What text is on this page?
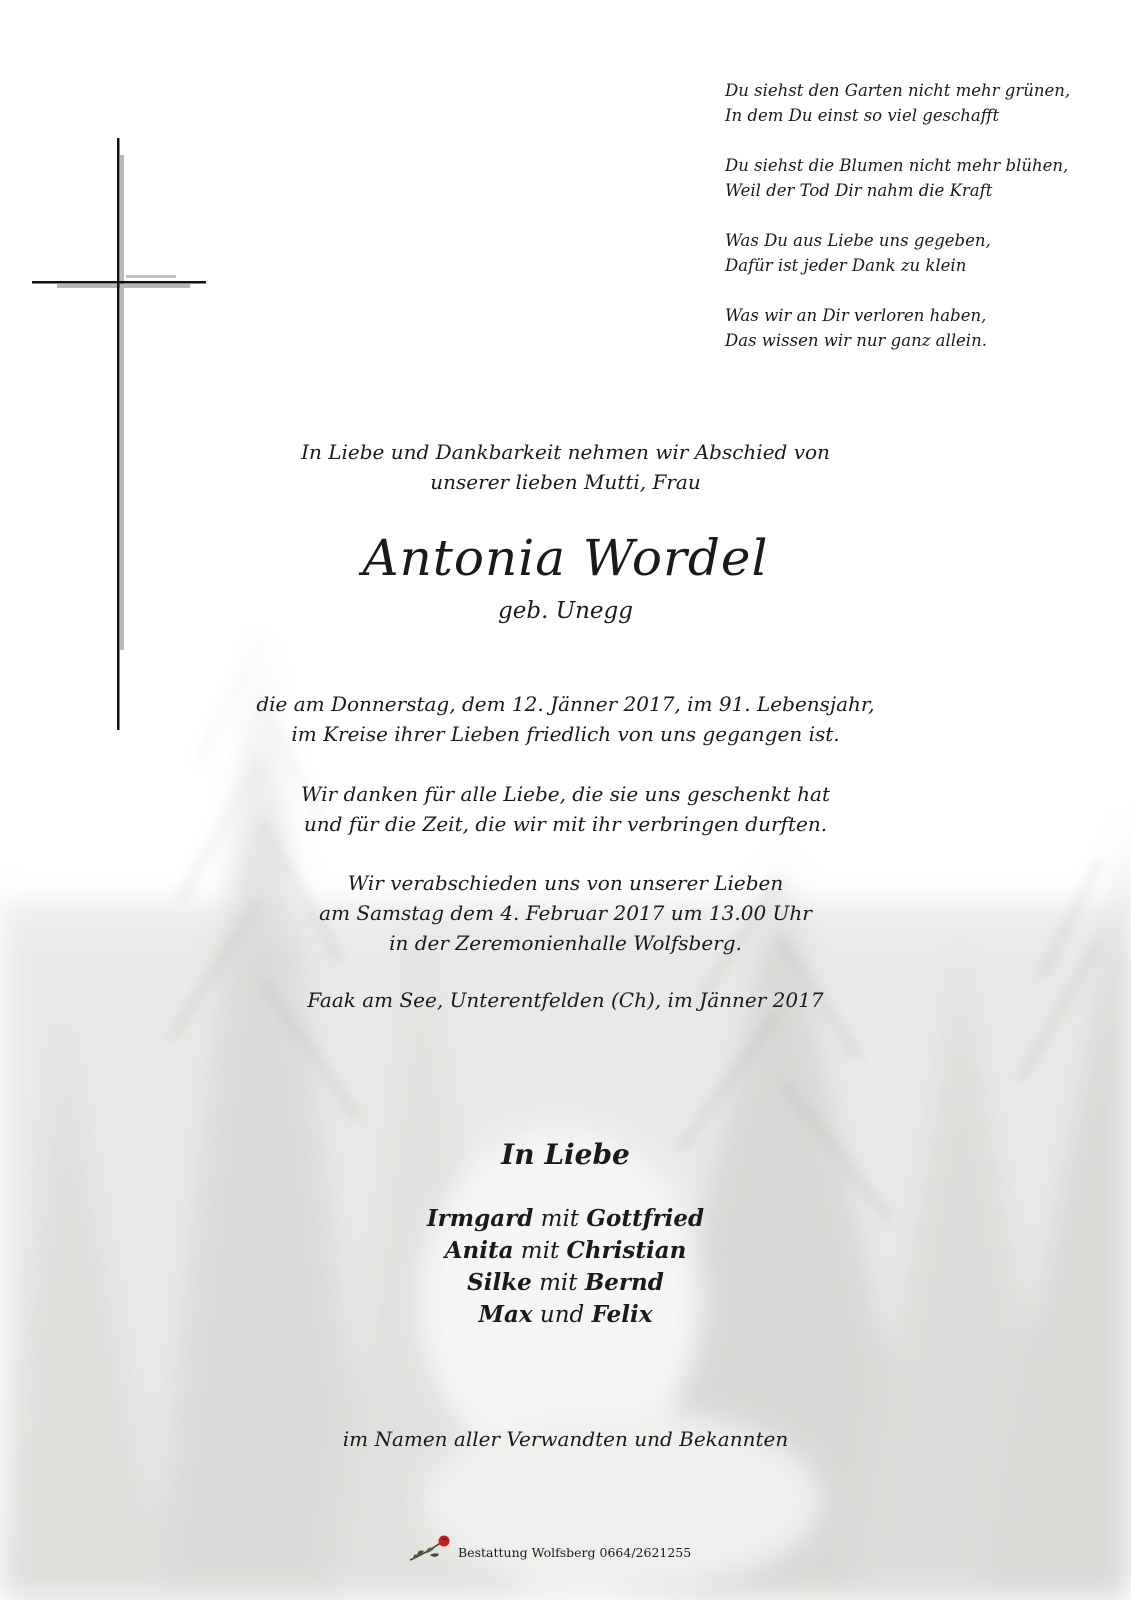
Du siehst den Garten nicht mehr grünen,
In dem Du einst so viel geschafft
Du siehst die Blumen nicht mehr blühen,
Weil der Tod Dir nahm die Kraft
Was Du aus Liebe uns gegeben,
Dafür ist jeder Dank zu klein
Was wir an Dir verloren haben,
Das wissen wir nur ganz allein.
In Liebe und Dankbarkeit nehmen wir Abschied von
unserer lieben Mutti, Frau
Antonia Wordel
geb. Unegg
die am Donnerstag, dem 12. Jänner 2017, im 91. Lebensjahr,
im Kreise ihrer Lieben friedlich von uns gegangen ist.
Wir danken für alle Liebe, die sie uns geschenkt hat
und für die Zeit, die wir mit ihr verbringen durften.
Wir verabschieden uns von unserer Lieben
am Samstag dem 4. Februar 2017 um 13.00 Uhr
in der Zeremonienhalle Wolfsberg.
Faak am See, Unterentfelden (Ch), im Jänner 2017
In Liebe
Irmgard mit Gottfried
Anita mit Christian
Silke mit Bernd
Max und Felix
im Namen aller Verwandten und Bekannten
Bestattung Wolfsberg 0664/2621255
